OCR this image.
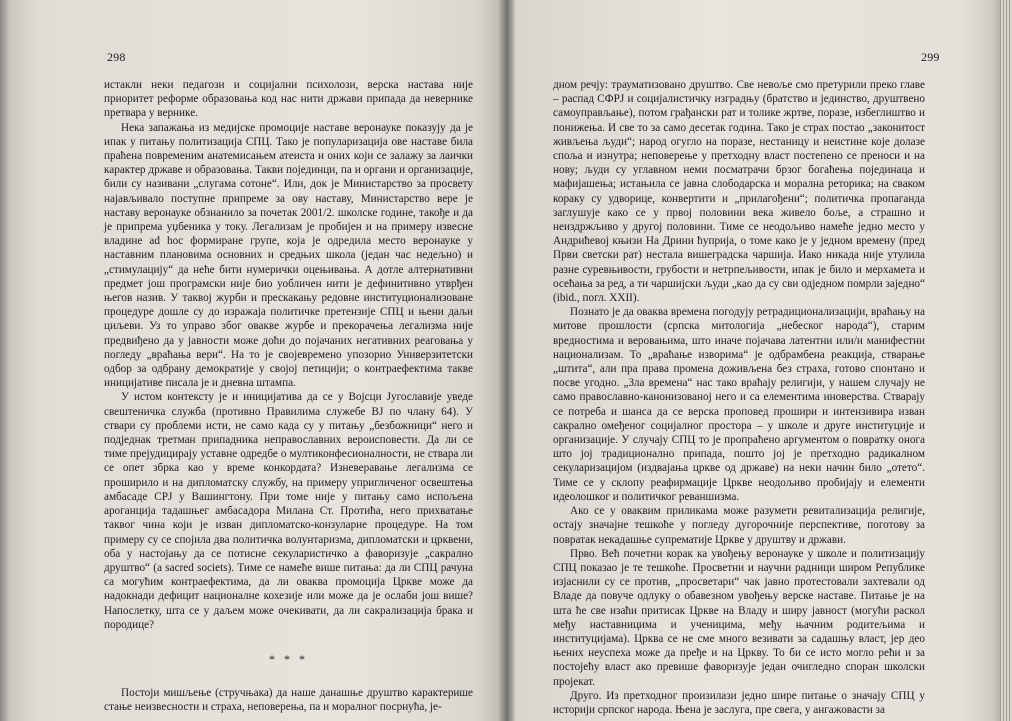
298

истакли неки педагози и социјални психолози, верска настава није приоритет реформе образовања код нас нити држави припада да невернике претвара у вернике.

Нека запажања из медијске промоције наставе веронауке показују да је ипак у питању политизација СПЦ. Тако је популаризација ове наставе била праћена повременим анатемисањем атеиста и оних који се залажу за лаички карактер државе и образовања. Такви појединци, па и органи и организације, били су називани „слугама сотоне“. Или, док је Министарство за просвету најављивало поступне припреме за ову наставу, Министарство вере је наставу веронауке обзнанило за почетак 2001/2. школске године, такође и да је припрема уџбеника у току. Легализам је пробијен и на примеру извесне владине ad hoc формиране групе, која је одредила место веронауке у наставним плановима основних и средњих школа (један час недељно) и „стимулацију“ да неће бити нумерички оцењивања. А дотле алтернативни предмет још програмски није био уобличен нити је дефинитивно утврђен његов назив. У таквој журби и прескакању редовне институционализоване процедуре дошле су до изражаја политичке претензије СПЦ и њени даљи циљеви. Уз то управо због овакве журбе и прекорачења легализма није предвиђено да у јавности може доћи до појачаних негативних реаговања у погледу „враћања вери“. На то је својевремено упозорио Универзитетски одбор за одбрану демократије у својој петицији; о контраефектима такве иницијативе писала је и дневна штампа.

У истом контексту је и иницијатива да се у Војсци Југославије уведе свештеничка служба (противно Правилима служебе ВЈ по члану 64). У ствари су проблеми исти, не само када су у питању „безбожници“ него и подједнак третман припадника неправославних вероисповести. Да ли се тиме прејудицирају уставне одредбе о мултиконфесионалности, не ствара ли се опет збрка као у време конкордата? Изневеравање легализма се проширило и на дипломатску службу, на примеру упригличеног освештења амбасаде СРЈ у Вашингтону. При томе није у питању само испољена ароганција тадашњег амбасадора Милана Ст. Протића, него прихватање таквог чина који је изван дипломатско-конзуларне процедуре. На том примеру су се спојила два политичка волунтаризма, дипломатски и црквени, оба у настојању да се потисне секуларистичко а фаворизује „сакрално друштво“ (a sacred societs). Тиме се намеће више питања: да ли СПЦ рачуна са могућим контраефектима, да ли оваква промоција Цркве може да надокнади дефицит националне кохезије или може да је ослаби још више? Напослетку, шта се у даљем може очекивати, да ли сакрализација брака и породице?

* * *

Постоји мишљење (стручњака) да наше данашње друштво карактерише стање неизвесности и страха, неповерења, па и моралног посрнућа, је-

299

дном речју: трауматизовано друштво. Све невоље смо претурили преко главе – распад СФРЈ и социјалистичку изградњу (братство и јединство, друштвено самоуправљање), потом грађански рат и толике жртве, поразе, избеглиштво и понижења. И све то за само десетак година. Тако је страх постао „законитост живљења људи“; народ огугло на порaзе, нестаницу и неистине које долазе споља и изнутра; неповерење у претходну власт постепено се преноси и на нову; људи су углавном неми посматрачи брзог богаћења појединаца и мафијашења; истањила се јавна слободарска и морална реторика; на сваком кораку су удворице, конвертити и „прилагођени“; политичка пропаганда заглушује како се у првој половини века живело боље, а страшно и неиздржљиво у другој половини. Тиме се неодољиво намеће једно место у Андрићевој књизи На Дрини ћуприја, о томе како је у једном времену (пред Први светски рат) нестала вишеградска чаршија. Иако никада није утулила разне суревњивости, грубости и нетрпељивости, ипак је било и мерхамета и осећања за ред, а ти чаршијски људи „као да су сви одједном помрли заједно“ (ibid., погл. XXII).

Познато је да оваква времена погодују ретрадиционализацији, враћању на митове прошлости (српска митологија „небеског народа“), старим вредностима и веровањима, што иначе појачава латентни или/и манифестни национализам. То „враћање изворима“ је одбрамбена реакција, стварање „штита“, али пра права промена доживљена без страха, готово спонтано и посве угодно. „Зла времена“ нас тако враћају религији, у нашем случају не само православно-канонизованој него и са елементима иноверства. Стварају се потреба и шанса да се верска проповед прошири и интензивира изван сакрално омеђеног социјалног простора – у школе и друге институције и организације. У случају СПЦ то је пропраћено аргументом о повратку онога што јој традиционално припада, пошто јој је претходно радикалном секуларизацијом (издвајања цркве од државе) на неки начин било „отето“. Тиме се у склопу реафирмације Цркве неодољиво пробијају и елементи идеолошког и политичког реваншизма.

Ако се у оваквим приликама може разумети ревитализација религије, остају значајне тешкоће у погледу дугорочније перспективе, поготову за повратак некадашње супрематије Цркве у друштву и држави.

Прво. Већ почетни корак ка увођењу веронауке у школе и политизацију СПЦ показао је те тешкоће. Просветни и научни радници широм Републике изјаснили су се против, „просветари“ чак јавно протестовали захтевали од Владе да повуче одлуку о обавезном увођењу верске наставе. Питање је на шта ће све изаћи притисак Цркве на Владу и ширу јавност (могући раскол међу наставницима и ученицима, међу њачним родитељима и институцијама). Црква се не сме много везивати за садашњу власт, јер део њених неуспеха може да пређе и на Цркву. То би се исто могло рећи и за постојећу власт ако превише фаворизује један очигледно споран школски пројекат.

Друго. Из претходног произилази једно шире питање о значају СПЦ у историји српског народа. Њена је заслуга, пре свега, у ангажовасти за
